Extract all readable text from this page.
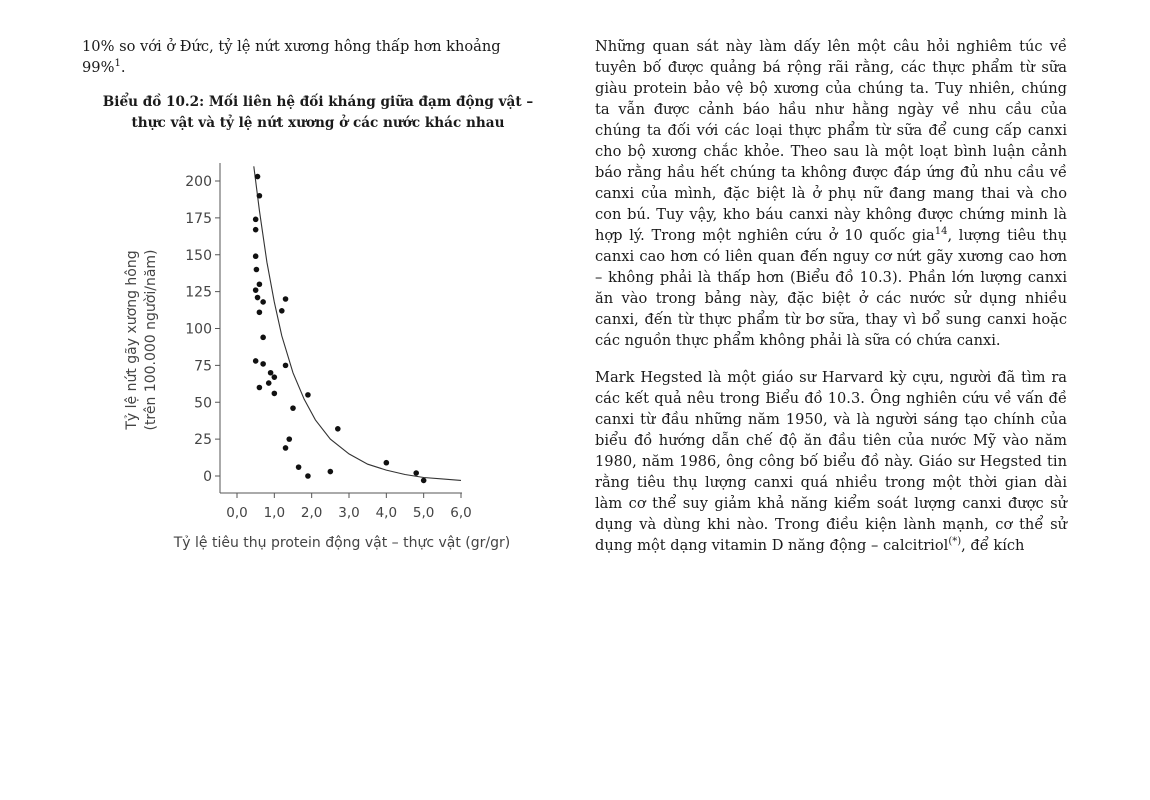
10% so với ở Đức, tỷ lệ nứt xương hông thấp hơn khoảng
99%$^1$.

Biểu đồ 10.2: Mối liên hệ đối kháng giữa đạm động vật –
thực vật và tỷ lệ nứt xương ở các nước khác nhau
0
25
50
75
100
125
150
175
200
0,0 1,0 2,0 3,0 4,0 5,0 6,0
Tỷ lệ nứt gãy xương hông (trên 100.000 người/năm)
Tỷ lệ tiêu thụ protein động vật – thực vật (gr/gr)

Những quan sát này làm dấy lên một câu hỏi nghiêm túc về tuyên bố được quảng bá rộng rãi rằng, các thực phẩm từ sữa giàu protein bảo vệ bộ xương của chúng ta. Tuy nhiên, chúng ta vẫn được cảnh báo hầu như hằng ngày về nhu cầu của chúng ta đối với các loại thực phẩm từ sữa để cung cấp canxi cho bộ xương chắc khỏe. Theo sau là một loạt bình luận cảnh báo rằng hầu hết chúng ta không được đáp ứng đủ nhu cầu về canxi của mình, đặc biệt là ở phụ nữ đang mang thai và cho con bú. Tuy vậy, kho báu canxi này không được chứng minh là hợp lý. Trong một nghiên cứu ở 10 quốc gia$^{14}$, lượng tiêu thụ canxi cao hơn có liên quan đến nguy cơ nứt gãy xương cao hơn – không phải là thấp hơn (Biểu đồ 10.3). Phần lớn lượng canxi ăn vào trong bảng này, đặc biệt ở các nước sử dụng nhiều canxi, đến từ thực phẩm từ bơ sữa, thay vì bổ sung canxi hoặc các nguồn thực phẩm không phải là sữa có chứa canxi.

Mark Hegsted là một giáo sư Harvard kỳ cựu, người đã tìm ra các kết quả nêu trong Biểu đồ 10.3. Ông nghiên cứu về vấn đề canxi từ đầu những năm 1950, và là người sáng tạo chính của biểu đồ hướng dẫn chế độ ăn đầu tiên của nước Mỹ vào năm 1980, năm 1986, ông công bố biểu đồ này. Giáo sư Hegsted tin rằng tiêu thụ lượng canxi quá nhiều trong một thời gian dài làm cơ thể suy giảm khả năng kiểm soát lượng canxi được sử dụng và dùng khi nào. Trong điều kiện lành mạnh, cơ thể sử dụng một dạng vitamin D năng động – calcitriol(*), để kích
